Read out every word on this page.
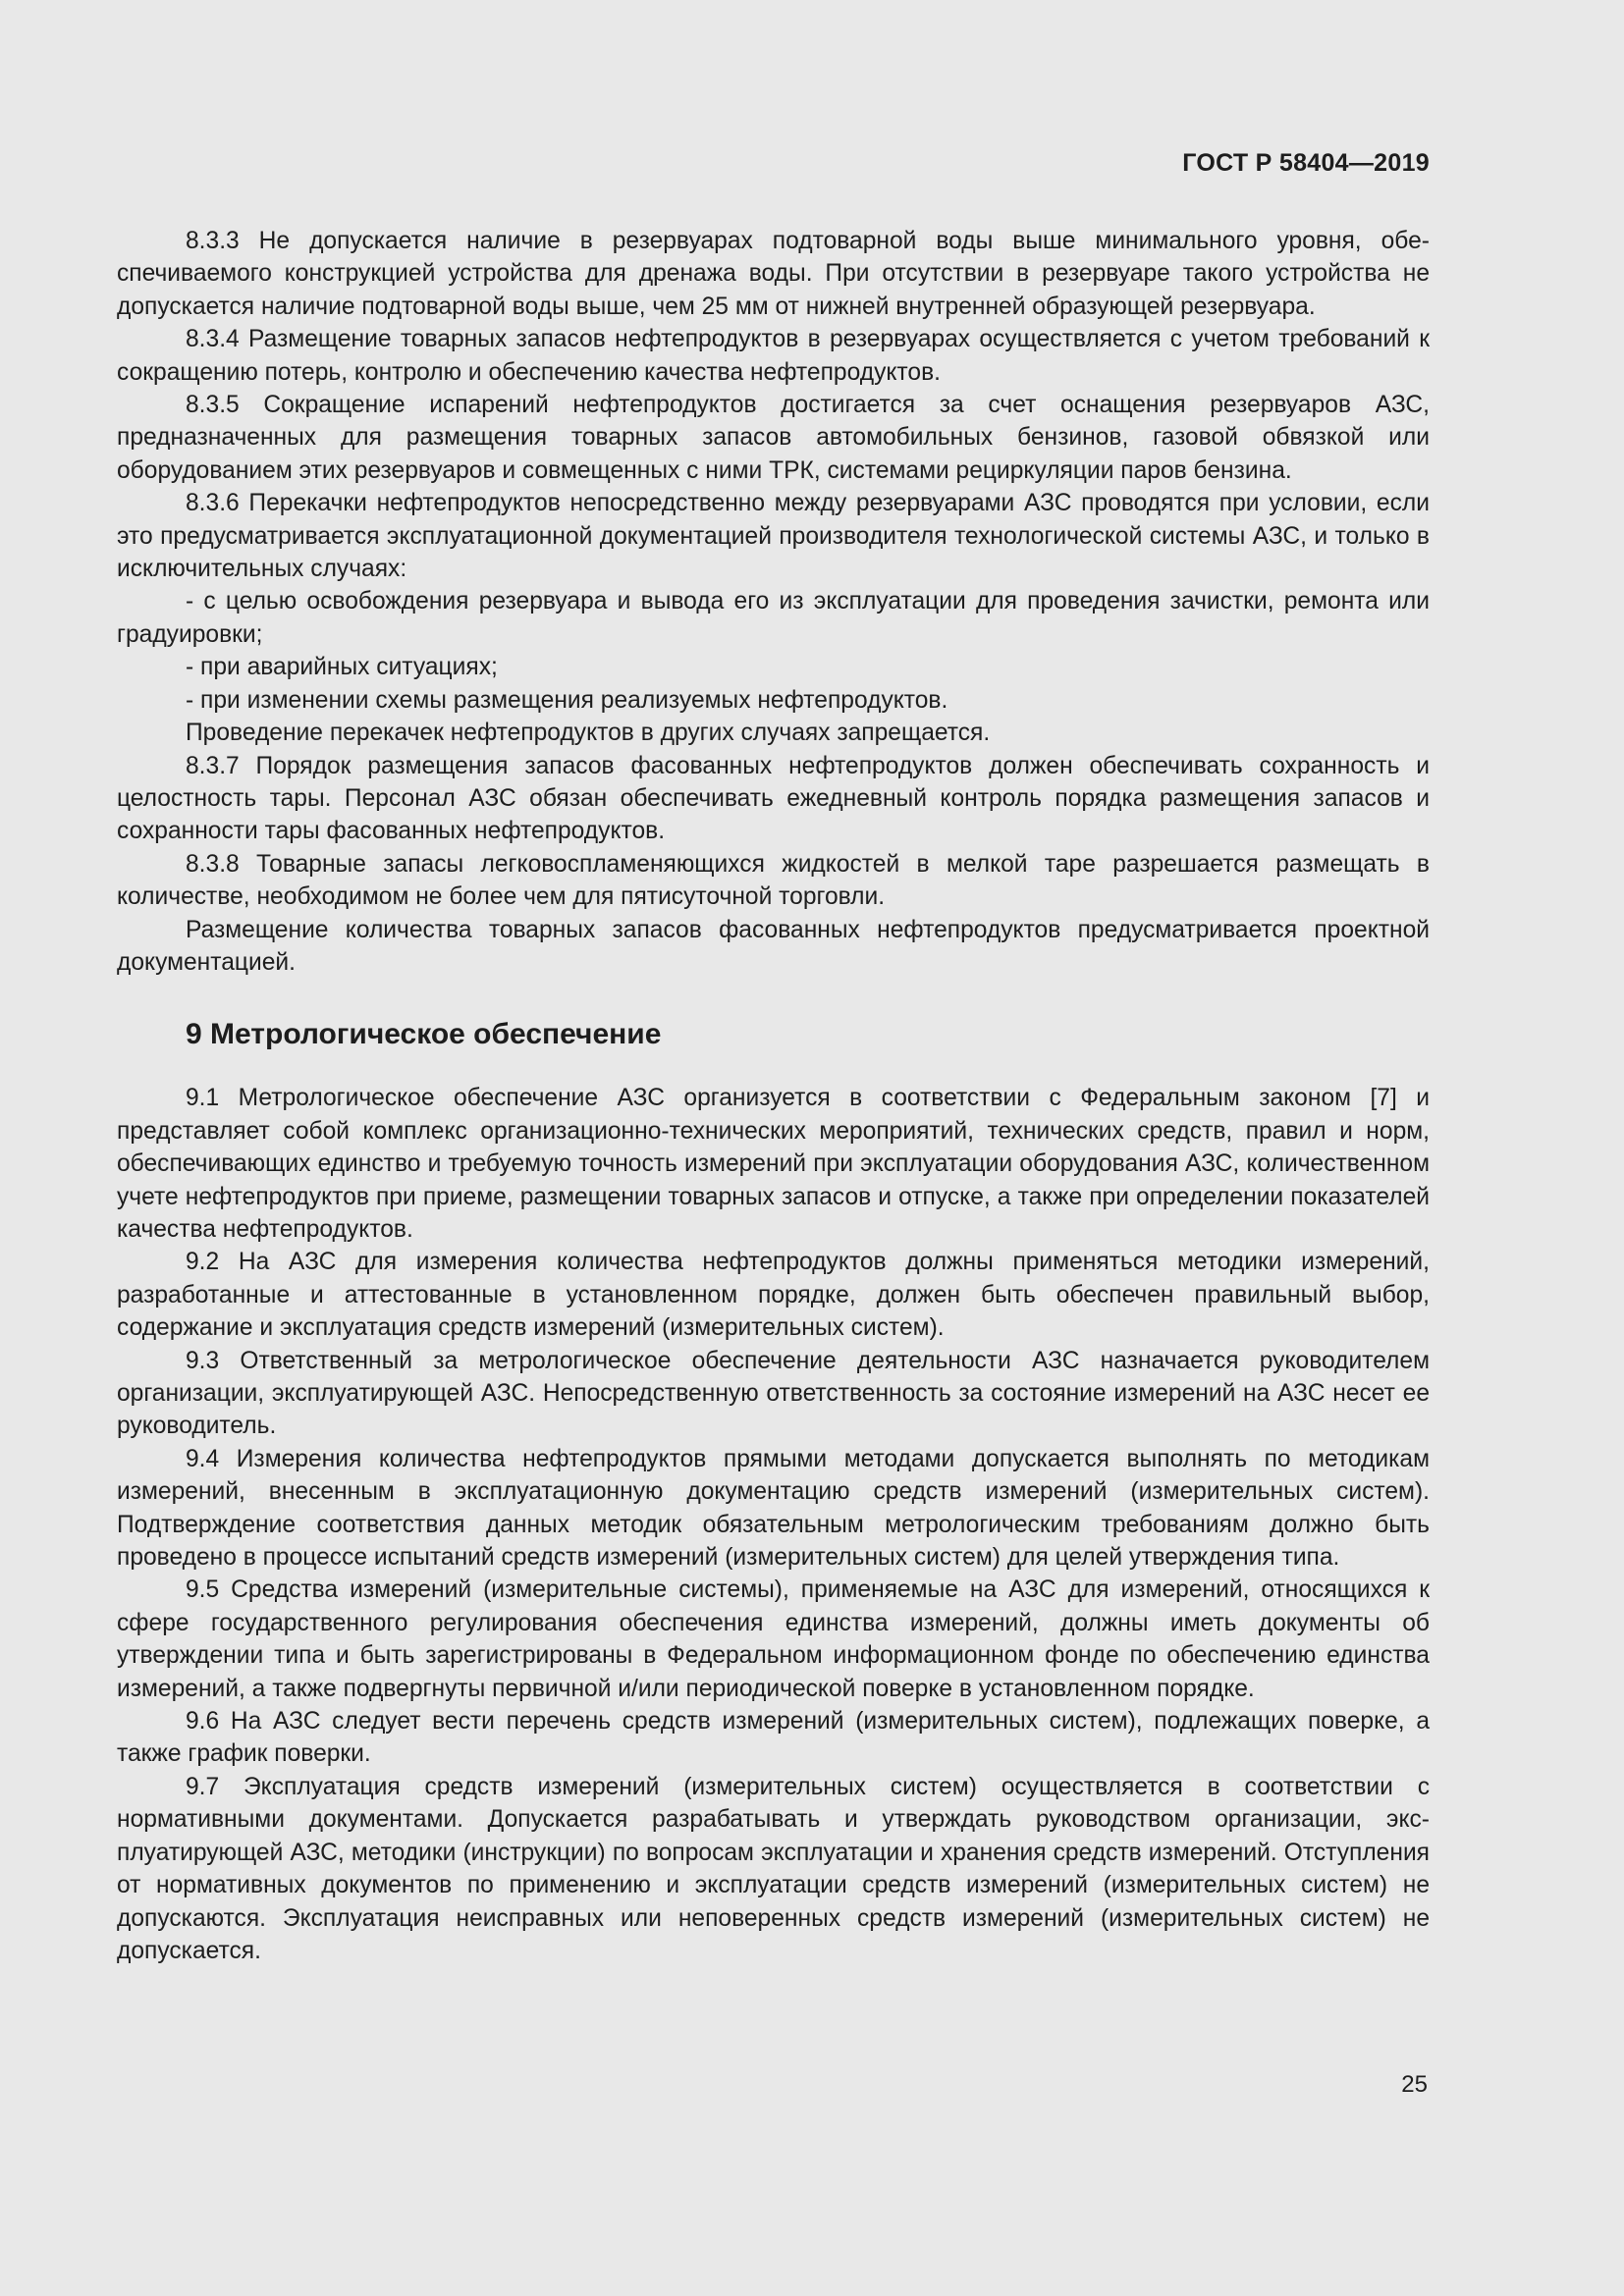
ГОСТ Р 58404—2019

8.3.3 Не допускается наличие в резервуарах подтоварной воды выше минимального уровня, обеспечиваемого конструкцией устройства для дренажа воды. При отсутствии в резервуаре такого устройства не допускается наличие подтоварной воды выше, чем 25 мм от нижней внутренней образующей резервуара.

8.3.4 Размещение товарных запасов нефтепродуктов в резервуарах осуществляется с учетом требований к сокращению потерь, контролю и обеспечению качества нефтепродуктов.

8.3.5 Сокращение испарений нефтепродуктов достигается за счет оснащения резервуаров АЗС, предназначенных для размещения товарных запасов автомобильных бензинов, газовой обвязкой или оборудованием этих резервуаров и совмещенных с ними ТРК, системами рециркуляции паров бензина.

8.3.6 Перекачки нефтепродуктов непосредственно между резервуарами АЗС проводятся при условии, если это предусматривается эксплуатационной документацией производителя технологической системы АЗС, и только в исключительных случаях:

- с целью освобождения резервуара и вывода его из эксплуатации для проведения зачистки, ремонта или градуировки;

- при аварийных ситуациях;

- при изменении схемы размещения реализуемых нефтепродуктов.

Проведение перекачек нефтепродуктов в других случаях запрещается.

8.3.7 Порядок размещения запасов фасованных нефтепродуктов должен обеспечивать сохранность и целостность тары. Персонал АЗС обязан обеспечивать ежедневный контроль порядка размещения запасов и сохранности тары фасованных нефтепродуктов.

8.3.8 Товарные запасы легковоспламеняющихся жидкостей в мелкой таре разрешается размещать в количестве, необходимом не более чем для пятисуточной торговли.

Размещение количества товарных запасов фасованных нефтепродуктов предусматривается проектной документацией.

9 Метрологическое обеспечение

9.1 Метрологическое обеспечение АЗС организуется в соответствии с Федеральным законом [7] и представляет собой комплекс организационно-технических мероприятий, технических средств, правил и норм, обеспечивающих единство и требуемую точность измерений при эксплуатации оборудования АЗС, количественном учете нефтепродуктов при приеме, размещении товарных запасов и отпуске, а также при определении показателей качества нефтепродуктов.

9.2 На АЗС для измерения количества нефтепродуктов должны применяться методики измерений, разработанные и аттестованные в установленном порядке, должен быть обеспечен правильный выбор, содержание и эксплуатация средств измерений (измерительных систем).

9.3 Ответственный за метрологическое обеспечение деятельности АЗС назначается руководителем организации, эксплуатирующей АЗС. Непосредственную ответственность за состояние измерений на АЗС несет ее руководитель.

9.4 Измерения количества нефтепродуктов прямыми методами допускается выполнять по методикам измерений, внесенным в эксплуатационную документацию средств измерений (измерительных систем). Подтверждение соответствия данных методик обязательным метрологическим требованиям должно быть проведено в процессе испытаний средств измерений (измерительных систем) для целей утверждения типа.

9.5 Средства измерений (измерительные системы), применяемые на АЗС для измерений, относящихся к сфере государственного регулирования обеспечения единства измерений, должны иметь документы об утверждении типа и быть зарегистрированы в Федеральном информационном фонде по обеспечению единства измерений, а также подвергнуты первичной и/или периодической поверке в установленном порядке.

9.6 На АЗС следует вести перечень средств измерений (измерительных систем), подлежащих поверке, а также график поверки.

9.7 Эксплуатация средств измерений (измерительных систем) осуществляется в соответствии с нормативными документами. Допускается разрабатывать и утверждать руководством организации, эксплуатирующей АЗС, методики (инструкции) по вопросам эксплуатации и хранения средств измерений. Отступления от нормативных документов по применению и эксплуатации средств измерений (измерительных систем) не допускаются. Эксплуатация неисправных или неповеренных средств измерений (измерительных систем) не допускается.

25
